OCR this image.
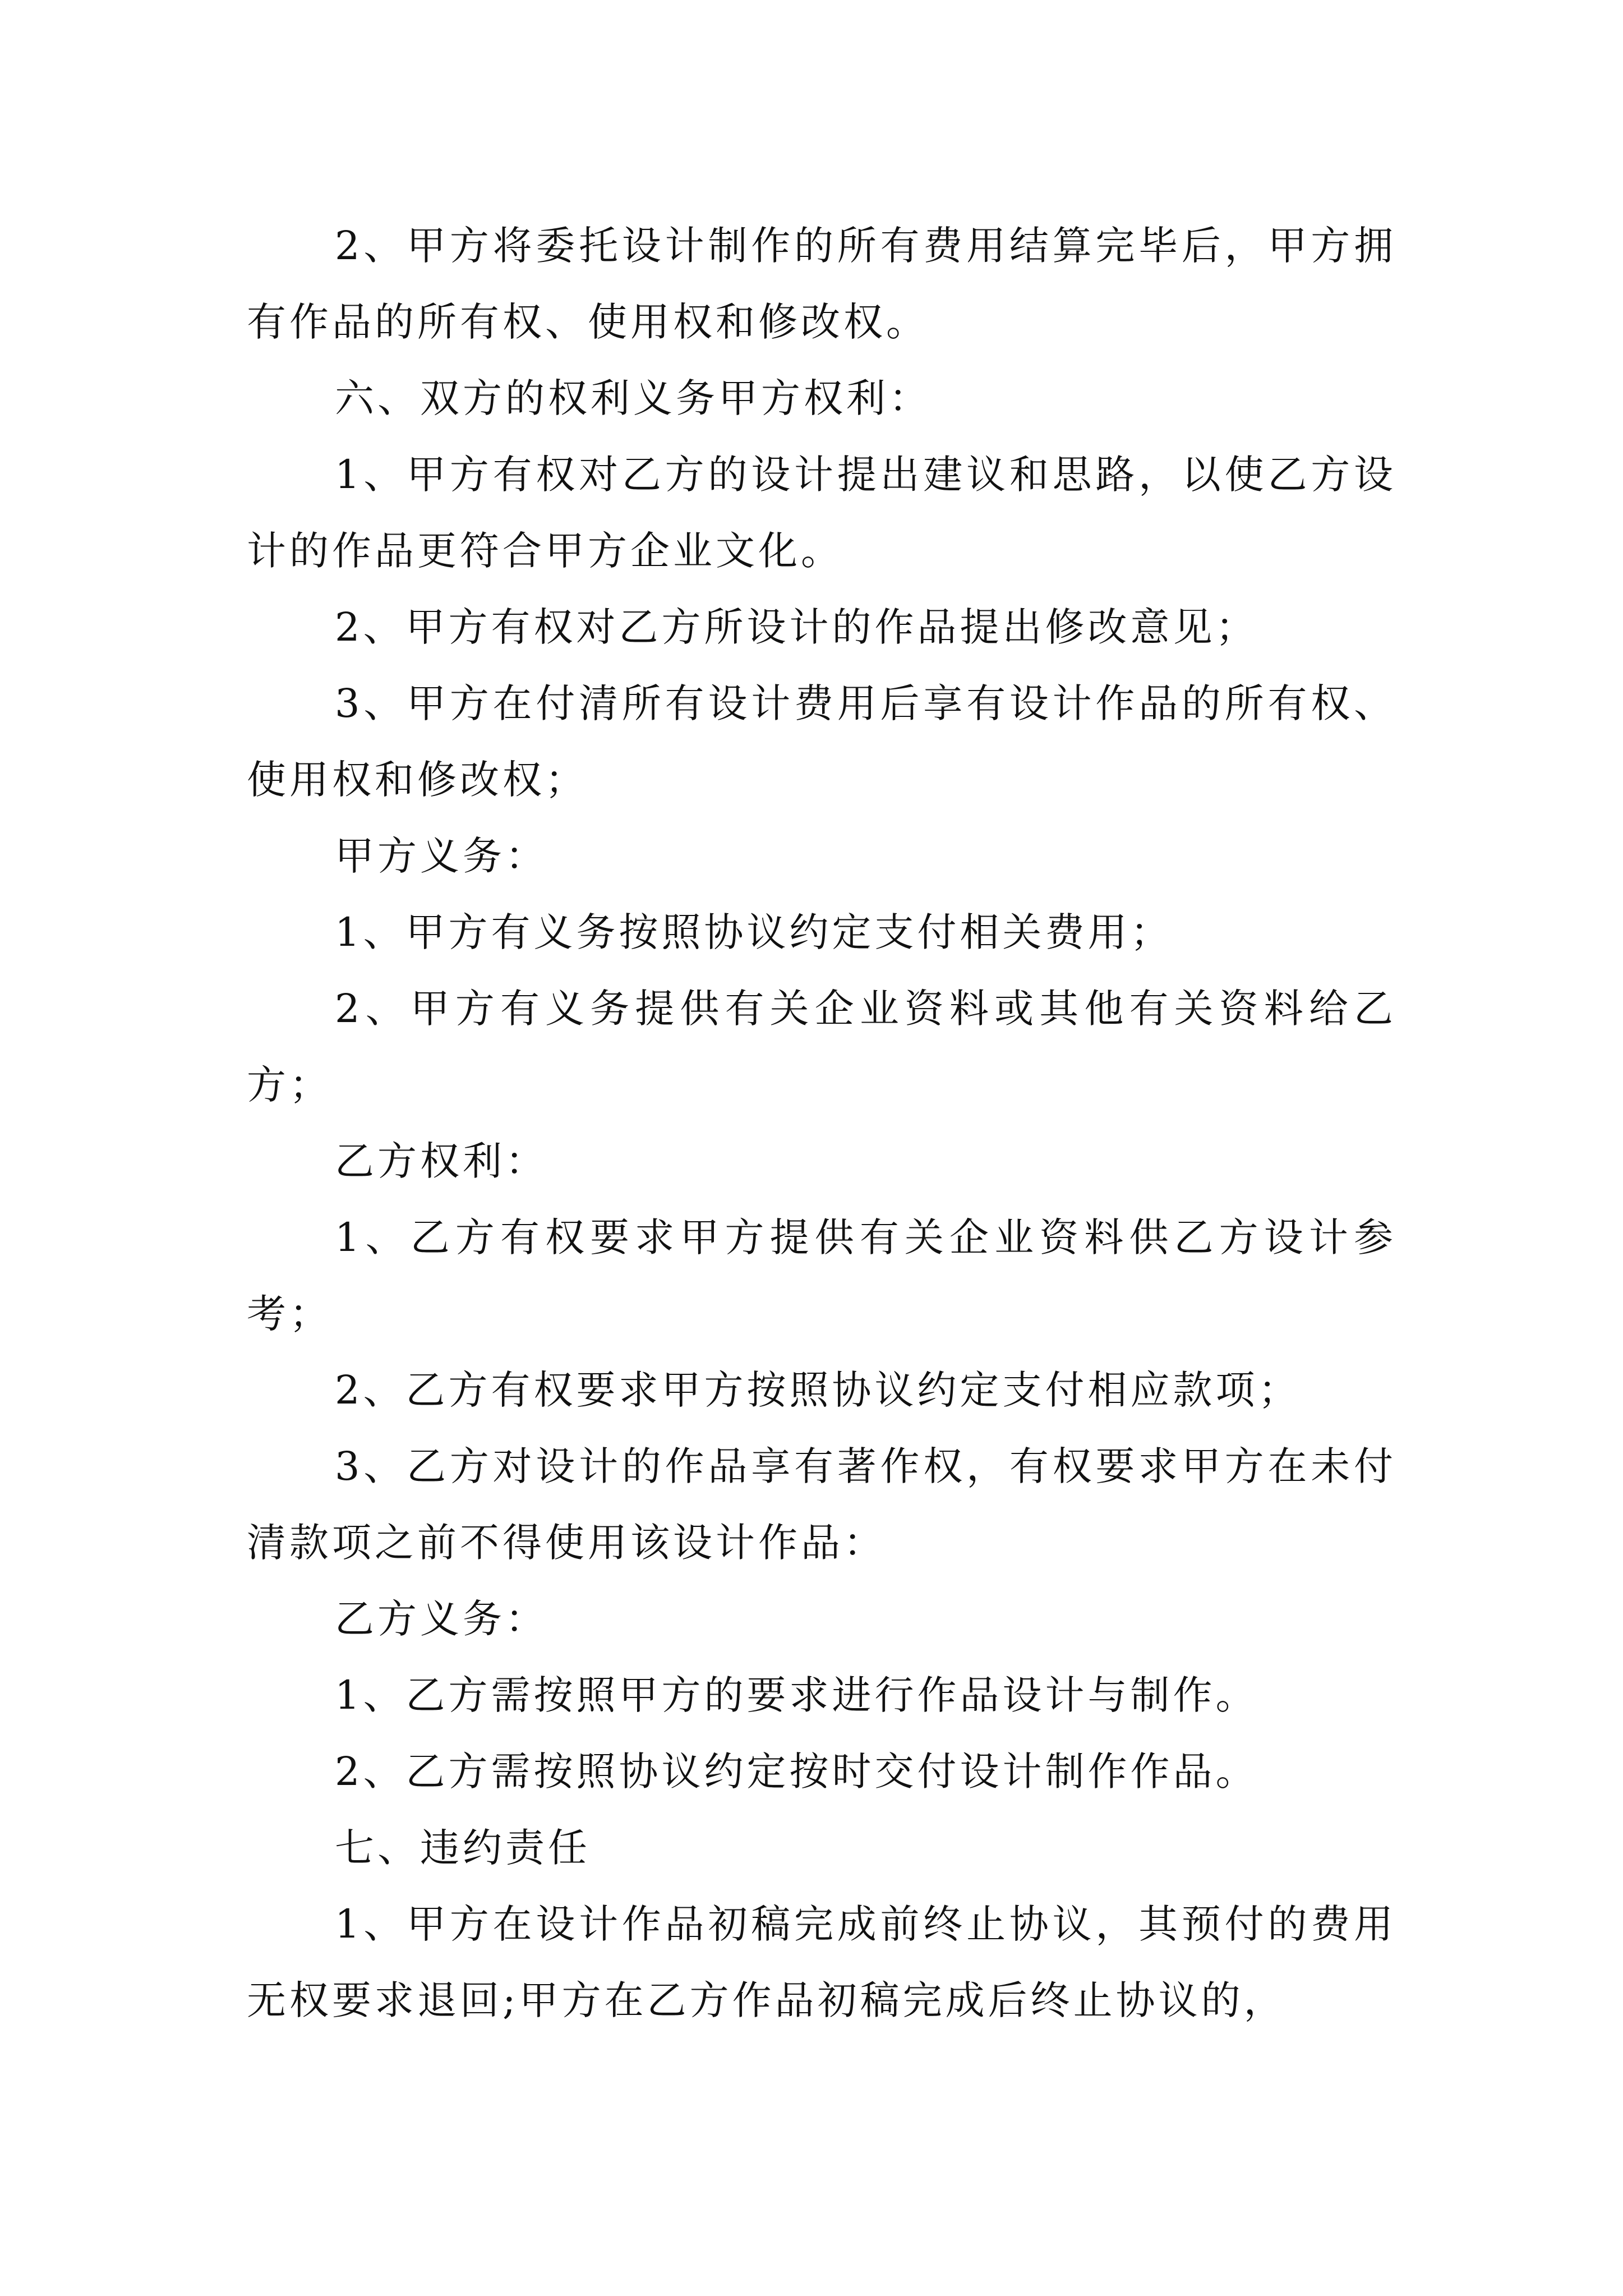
2、甲方将委托设计制作的所有费用结算完毕后，甲方拥有作品的所有权、使用权和修改权。

六、双方的权利义务甲方权利：

1、甲方有权对乙方的设计提出建议和思路，以使乙方设计的作品更符合甲方企业文化。

2、甲方有权对乙方所设计的作品提出修改意见；

3、甲方在付清所有设计费用后享有设计作品的所有权、使用权和修改权；

甲方义务：

1、甲方有义务按照协议约定支付相关费用；

2、甲方有义务提供有关企业资料或其他有关资料给乙方；

乙方权利：

1、乙方有权要求甲方提供有关企业资料供乙方设计参考；

2、乙方有权要求甲方按照协议约定支付相应款项；

3、乙方对设计的作品享有著作权，有权要求甲方在未付清款项之前不得使用该设计作品：

乙方义务：

1、乙方需按照甲方的要求进行作品设计与制作。

2、乙方需按照协议约定按时交付设计制作作品。

七、违约责任

1、甲方在设计作品初稿完成前终止协议，其预付的费用无权要求退回;甲方在乙方作品初稿完成后终止协议的，
